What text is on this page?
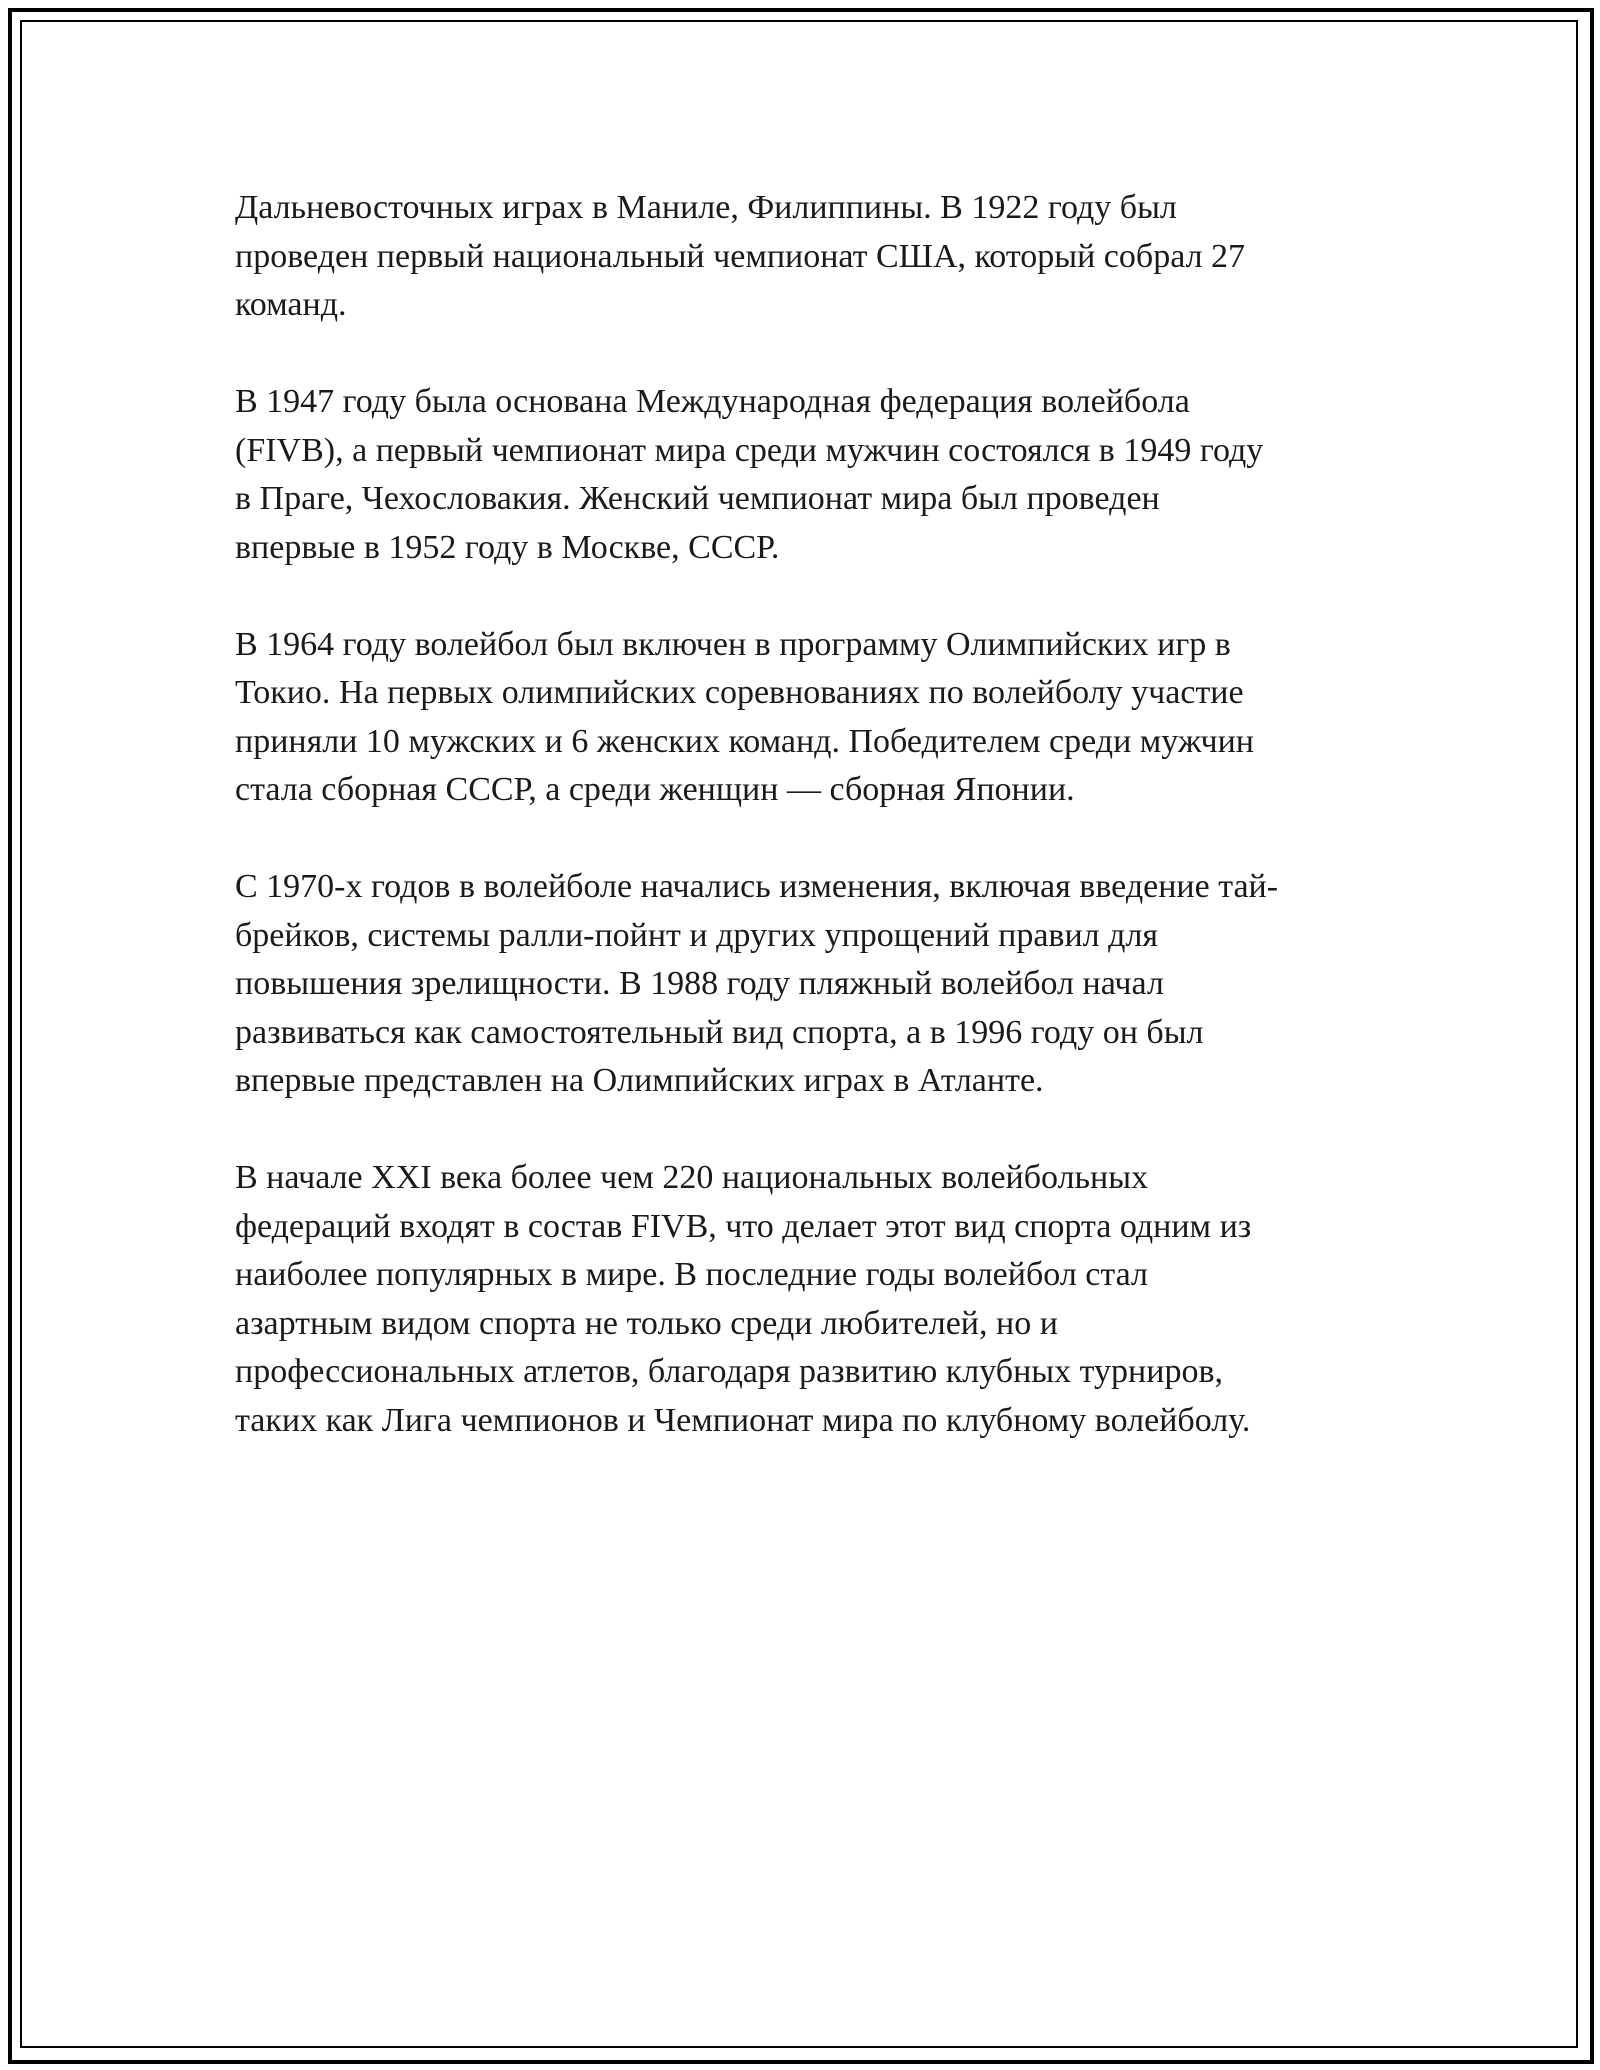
Дальневосточных играх в Маниле, Филиппины. В 1922 году был
проведен первый национальный чемпионат США, который собрал 27
команд.

В 1947 году была основана Международная федерация волейбола
(FIVB), а первый чемпионат мира среди мужчин состоялся в 1949 году
в Праге, Чехословакия. Женский чемпионат мира был проведен
впервые в 1952 году в Москве, СССР.

В 1964 году волейбол был включен в программу Олимпийских игр в
Токио. На первых олимпийских соревнованиях по волейболу участие
приняли 10 мужских и 6 женских команд. Победителем среди мужчин
стала сборная СССР, а среди женщин — сборная Японии.

С 1970-х годов в волейболе начались изменения, включая введение тай-
брейков, системы ралли-пойнт и других упрощений правил для
повышения зрелищности. В 1988 году пляжный волейбол начал
развиваться как самостоятельный вид спорта, а в 1996 году он был
впервые представлен на Олимпийских играх в Атланте.

В начале XXI века более чем 220 национальных волейбольных
федераций входят в состав FIVB, что делает этот вид спорта одним из
наиболее популярных в мире. В последние годы волейбол стал
азартным видом спорта не только среди любителей, но и
профессиональных атлетов, благодаря развитию клубных турниров,
таких как Лига чемпионов и Чемпионат мира по клубному волейболу.
